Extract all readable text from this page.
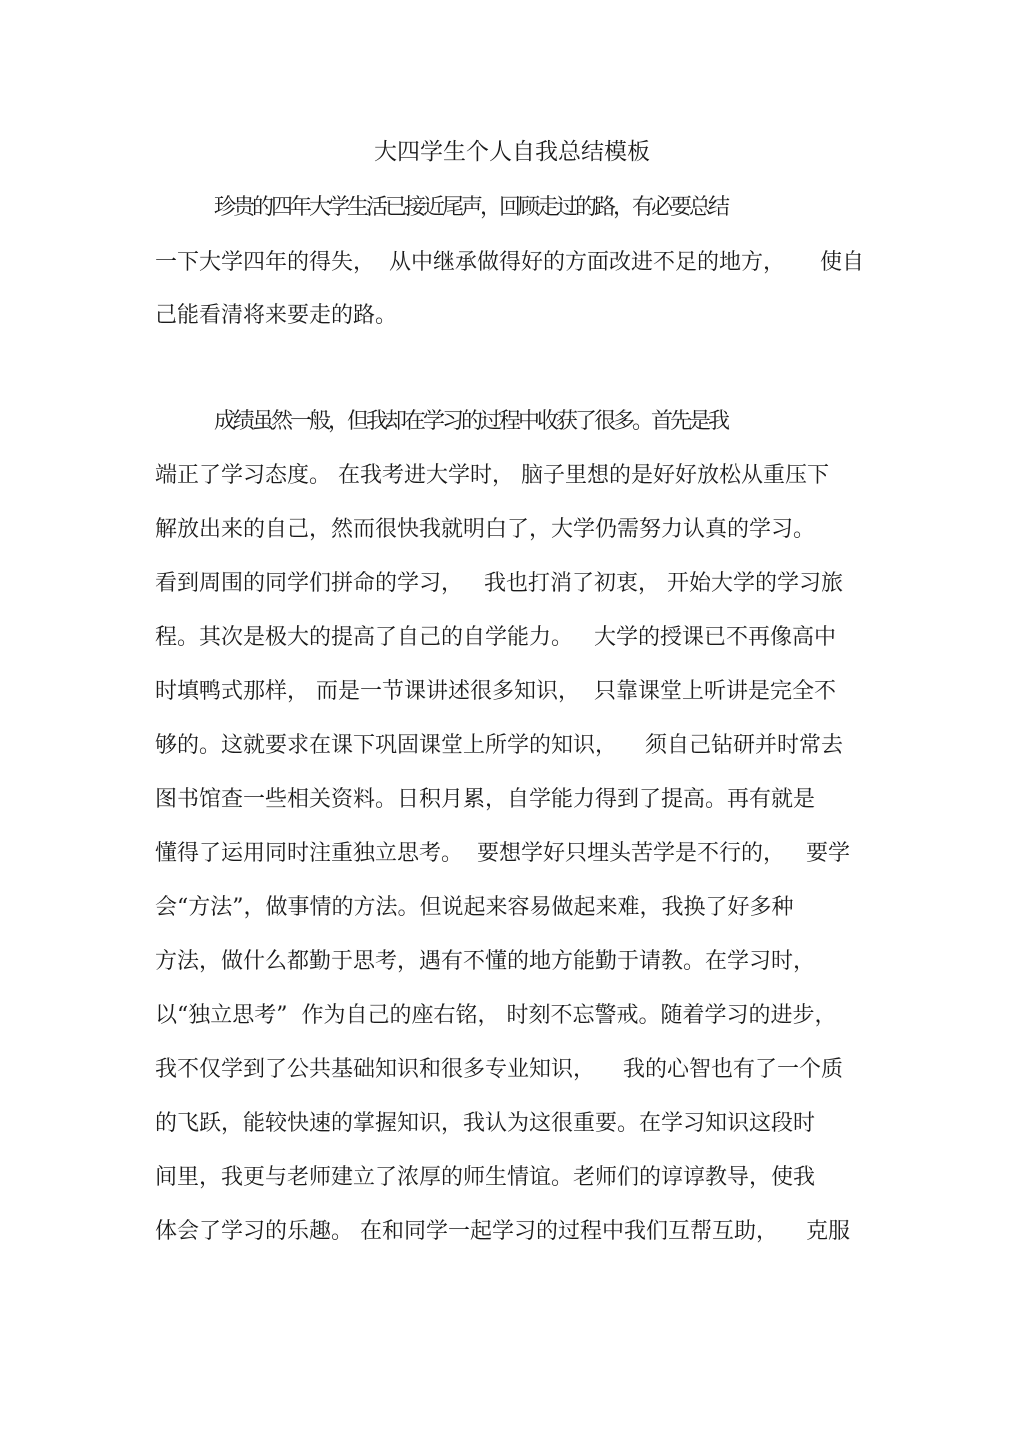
大四学生个人自我总结模板
珍贵的四年大学生活已接近尾声，回顾走过的路，有必要总结
一下大学四年的得失，  从中继承做得好的方面改进不足的地方，     使自
己能看清将来要走的路。
成绩虽然一般，但我却在学习的过程中收获了很多。首先是我
端正了学习态度。 在我考进大学时， 脑子里想的是好好放松从重压下
解放出来的自己，然而很快我就明白了，大学仍需努力认真的学习。
看到周围的同学们拼命的学习，   我也打消了初衷， 开始大学的学习旅
程。其次是极大的提高了自己的自学能力。   大学的授课已不再像高中
时填鸭式那样， 而是一节课讲述很多知识，  只靠课堂上听讲是完全不
够的。这就要求在课下巩固课堂上所学的知识，    须自己钻研并时常去
图书馆查一些相关资料。日积月累，自学能力得到了提高。再有就是
懂得了运用同时注重独立思考。  要想学好只埋头苦学是不行的，   要学
会“方法”，做事情的方法。但说起来容易做起来难，我换了好多种
方法，做什么都勤于思考，遇有不懂的地方能勤于请教。在学习时，
以“独立思考”  作为自己的座右铭， 时刻不忘警戒。随着学习的进步，
我不仅学到了公共基础知识和很多专业知识，    我的心智也有了一个质
的飞跃，能较快速的掌握知识，我认为这很重要。在学习知识这段时
间里，我更与老师建立了浓厚的师生情谊。老师们的谆谆教导，使我
体会了学习的乐趣。 在和同学一起学习的过程中我们互帮互助，    克服
